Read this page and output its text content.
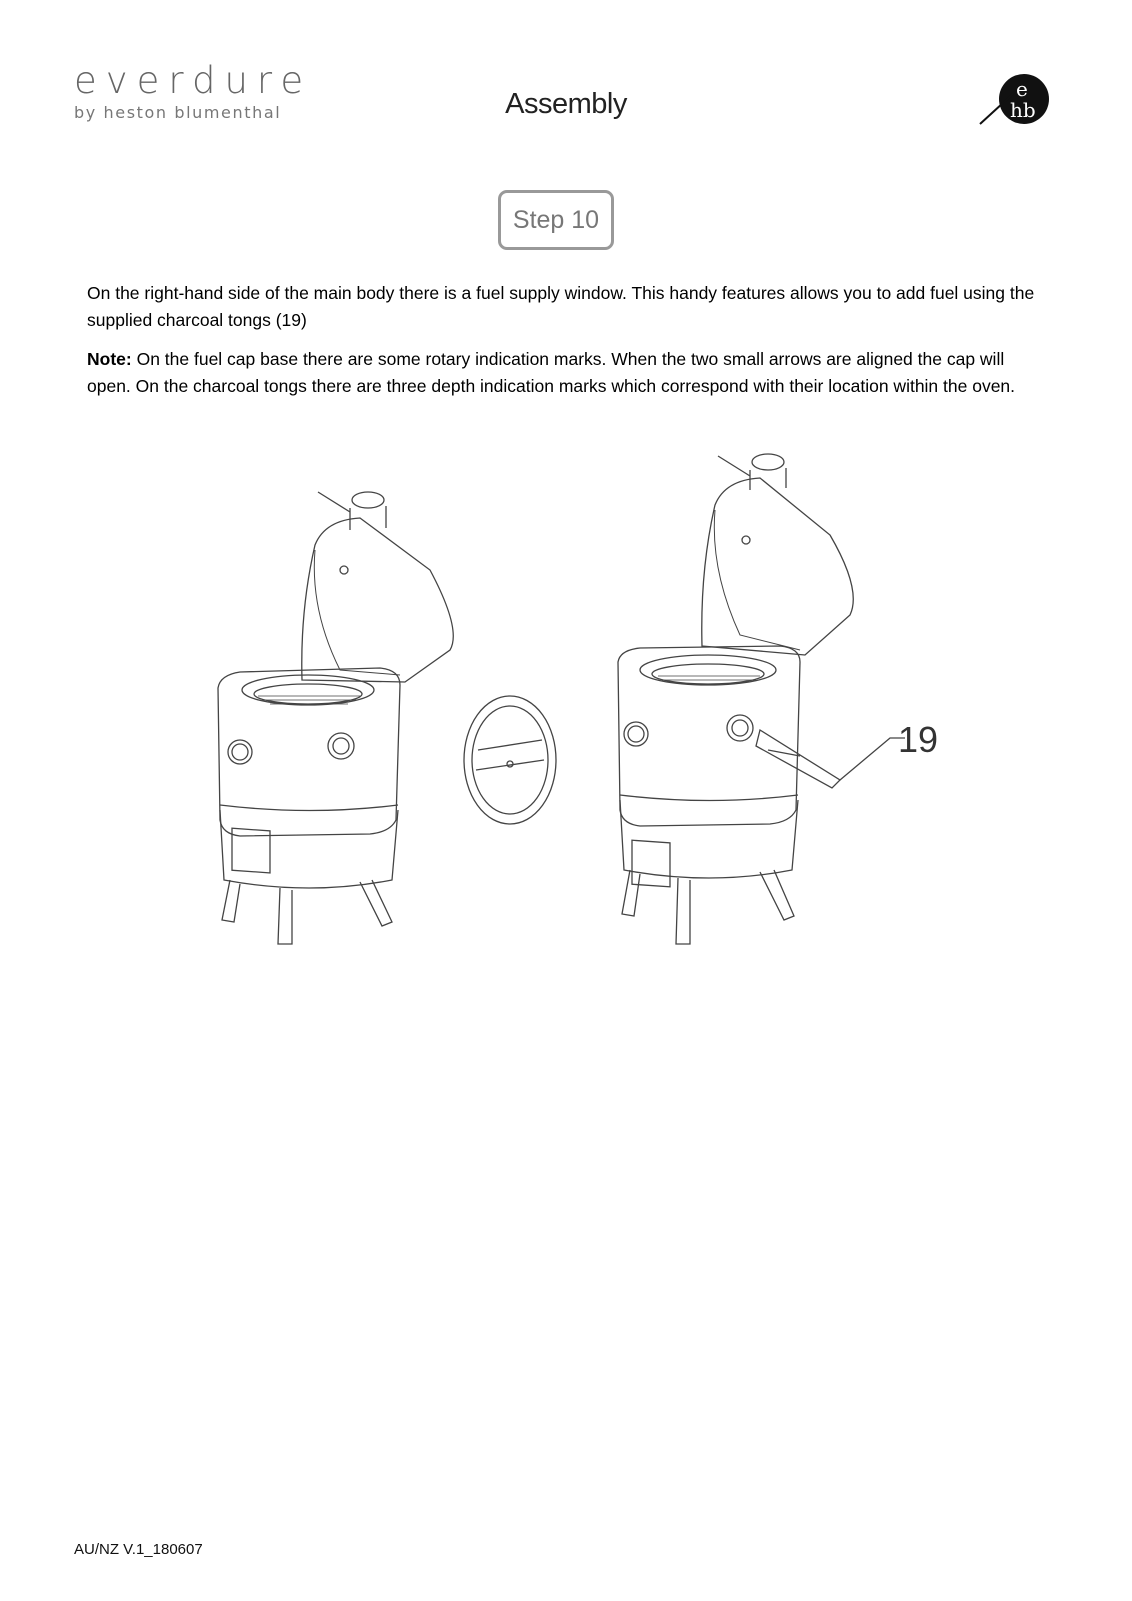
everdure
by heston blumenthal	Assembly	e
hb
Step 10
On the right-hand side of the main body there is a fuel supply window. This handy features allows you to add fuel using the supplied charcoal tongs (19)
Note: On the fuel cap base there are some rotary indication marks. When the two small arrows are aligned the cap will open. On the charcoal tongs there are three depth indication marks which correspond with their location within the oven.
19
AU/NZ V.1_180607
